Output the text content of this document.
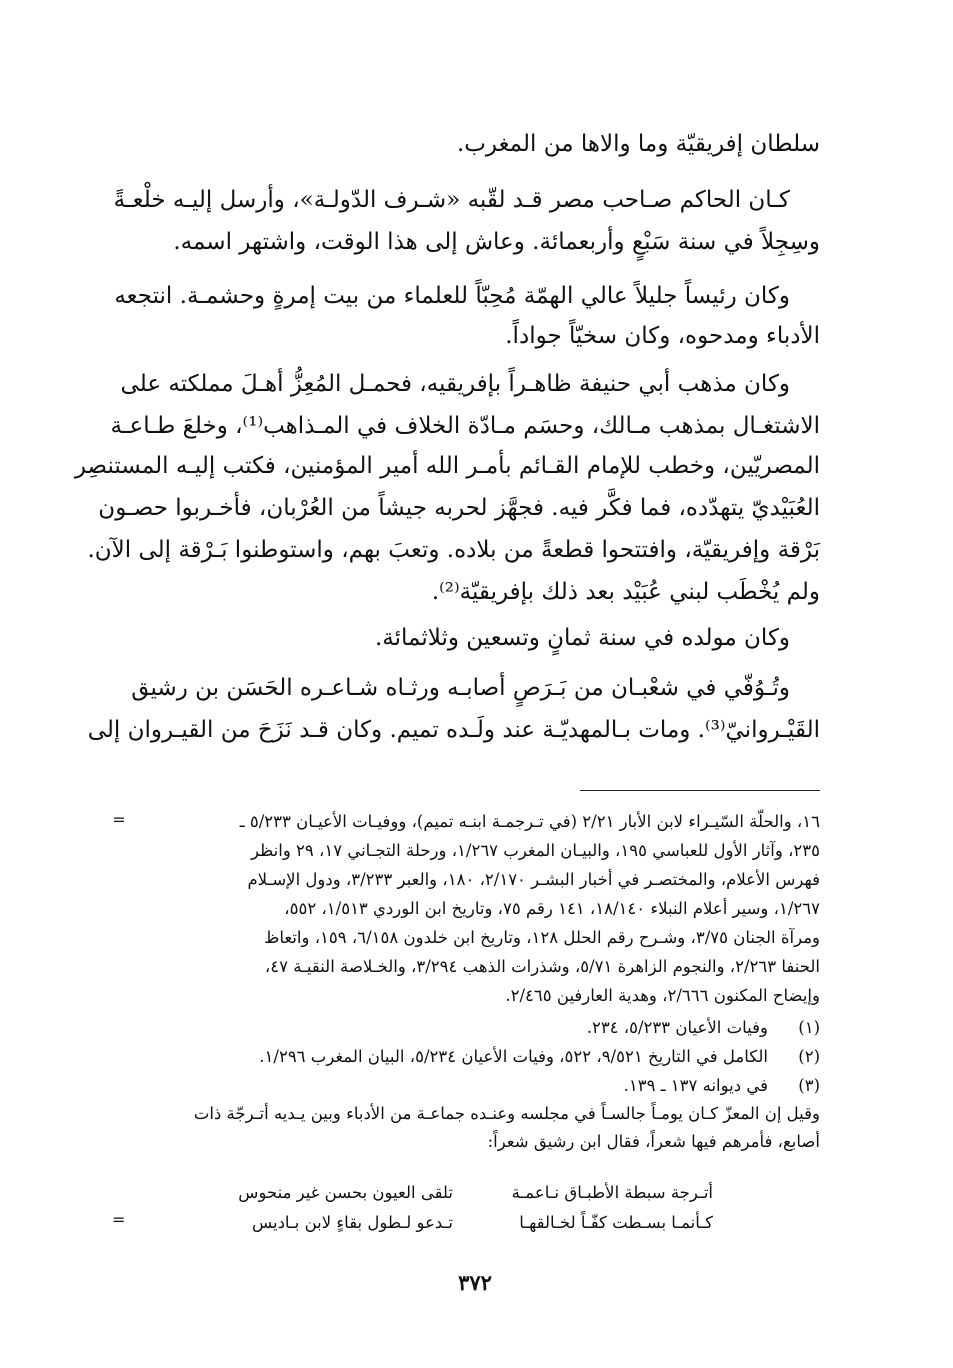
سلطان إفريقيّة وما والاها من المغرب.
كـان الحاكم صـاحب مصر قـد لقّبه «شـرف الدّولـة»، وأرسل إليـه خلْعـةً
وسِجِلاً في سنة سَبْعٍ وأربعمائة. وعاش إلى هذا الوقت، واشتهر اسمه.
وكان رئيساً جليلاً عالي الهمّة مُحِبّاً للعلماء من بيت إمرةٍ وحشمـة. انتجعه
الأدباء ومدحوه، وكان سخيّاً جواداً.
وكان مذهب أبي حنيفة ظاهـراً بإفريقيه، فحمـل المُعِزُّ أهـلَ مملكته على
الاشتغـال بمذهب مـالك، وحسَم مـادّة الخلاف في المـذاهب⁽¹⁾، وخلعَ طـاعـة
المصريّين، وخطب للإمام القـائم بأمـر الله أمير المؤمنين، فكتب إليـه المستنصِر
العُبَيْديّ يتهدّده، فما فكَّر فيه. فجهَّز لحربه جيشاً من العُرْبان، فأخـربوا حصـون
بَرْقة وإفريقيّة، وافتتحوا قطعةً من بلاده. وتعبَ بهم، واستوطنوا بَـرْقة إلى الآن.
ولم يُخْطَب لبني عُبَيْد بعد ذلك بإفريقيّة⁽²⁾.
وكان مولده في سنة ثمانٍ وتسعين وثلاثمائة.
وتُـوُفّي في شعْبـان من بَـرَصٍ أصابـه ورثـاه شـاعـره الحَسَن بن رشيق
القَيْـروانيّ⁽³⁾. ومات بـالمهديّـة عند ولَـده تميم. وكان قـد نَزَحَ من القيـروان إلى
=	١٦، والحلّة السّيـراء لابن الأبار ٢/٢١ (في تـرجمـة ابنـه تميم)، ووفيـات الأعيـان ٥/٢٣٣ ـ
٢٣٥، وآثار الأول للعباسي ١٩٥، والبيـان المغرب ١/٢٦٧، ورحلة التجـاني ١٧، ٢٩ وانظر
فهرس الأعلام، والمختصـر في أخبار البشـر ٢/١٧٠، ١٨٠، والعبر ٣/٢٣٣، ودول الإسـلام
١/٢٦٧، وسير أعلام النبلاء ١٨/١٤٠، ١٤١ رقم ٧٥، وتاريخ ابن الوردي ١/٥١٣، ٥٥٢،
ومرآة الجنان ٣/٧٥، وشـرح رقم الحلل ١٢٨، وتاريخ ابن خلدون ٦/١٥٨، ١٥٩، واتعاظ
الحنفا ٢/٢٦٣، والنجوم الزاهرة ٥/٧١، وشذرات الذهب ٣/٢٩٤، والخـلاصة النقيـة ٤٧،
وإيضاح المكنون ٢/٦٦٦، وهدية العارفين ٢/٤٦٥.
(١)
وفيات الأعيان ٥/٢٣٣، ٢٣٤.
(٢)
الكامل في التاريخ ٩/٥٢١، ٥٢٢، وفيات الأعيان ٥/٢٣٤، البيان المغرب ١/٢٩٦.
(٣)
في ديوانه ١٣٧ ـ ١٣٩.
وقيل إن المعزّ كـان يومـاً جالسـاً في مجلسه وعنـده جماعـة من الأدباء وبين يـديه أتـرجّة ذات
أصابع، فأمرهم فيها شعراً، فقال ابن رشيق شعراً:
أتـرجة سبطة الأطبـاق نـاعمـة
تلقى العيون بحسن غير منحوس
كـأنمـا بسـطت كفّـاً لخـالقهـا
تـدعو لـطول بقاءٍ لابن بـاديس
=
٣٧٢
